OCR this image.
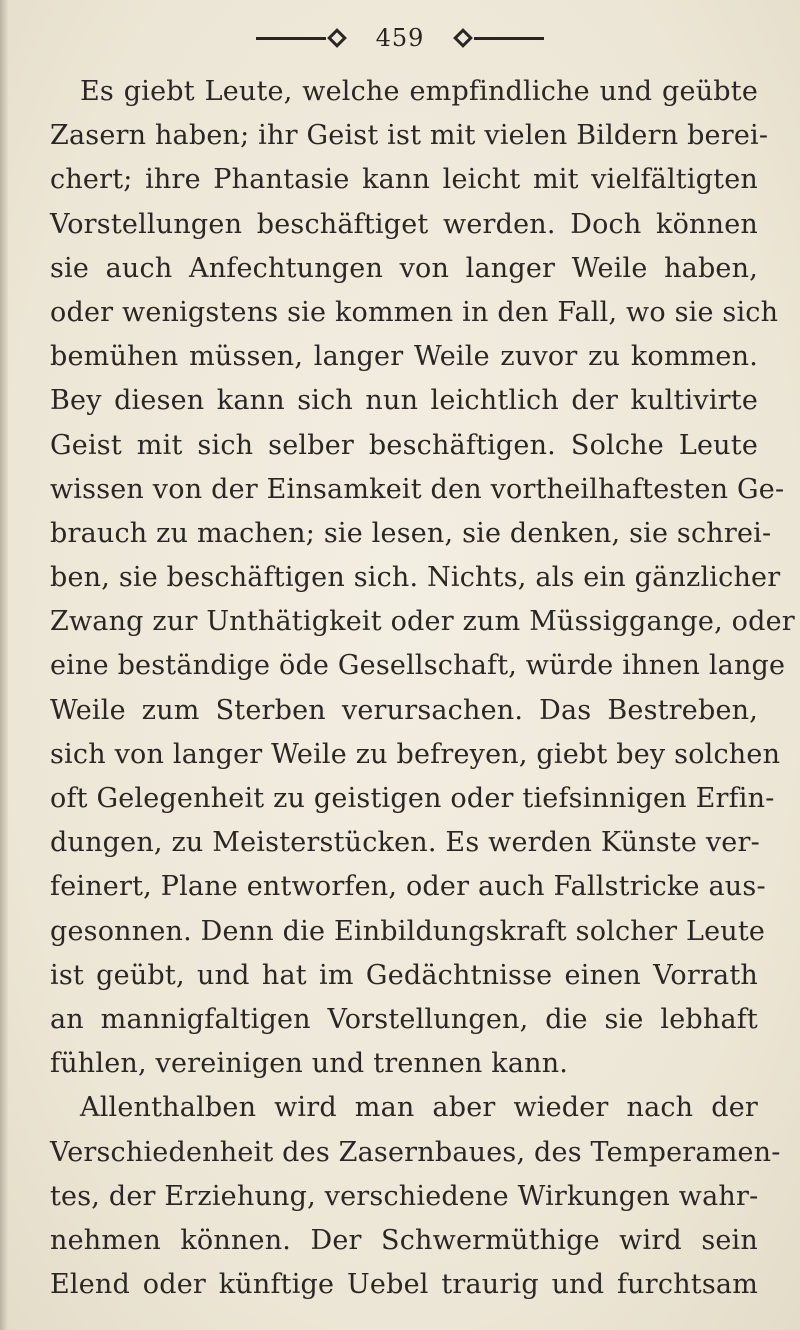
459
Es giebt Leute, welche empfindliche und geübte
Zasern haben; ihr Geist ist mit vielen Bildern berei-
chert; ihre Phantasie kann leicht mit vielfältigten
Vorstellungen beschäftiget werden. Doch können
sie auch Anfechtungen von langer Weile haben,
oder wenigstens sie kommen in den Fall, wo sie sich
bemühen müssen, langer Weile zuvor zu kommen.
Bey diesen kann sich nun leichtlich der kultivirte
Geist mit sich selber beschäftigen. Solche Leute
wissen von der Einsamkeit den vortheilhaftesten Ge-
brauch zu machen; sie lesen, sie denken, sie schrei-
ben, sie beschäftigen sich. Nichts, als ein gänzlicher
Zwang zur Unthätigkeit oder zum Müssiggange, oder
eine beständige öde Gesellschaft, würde ihnen lange
Weile zum Sterben verursachen. Das Bestreben,
sich von langer Weile zu befreyen, giebt bey solchen
oft Gelegenheit zu geistigen oder tiefsinnigen Erfin-
dungen, zu Meisterstücken. Es werden Künste ver-
feinert, Plane entworfen, oder auch Fallstricke aus-
gesonnen. Denn die Einbildungskraft solcher Leute
ist geübt, und hat im Gedächtnisse einen Vorrath
an mannigfaltigen Vorstellungen, die sie lebhaft
fühlen, vereinigen und trennen kann.
Allenthalben wird man aber wieder nach der
Verschiedenheit des Zasernbaues, des Temperamen-
tes, der Erziehung, verschiedene Wirkungen wahr-
nehmen können. Der Schwermüthige wird sein
Elend oder künftige Uebel traurig und furchtsam
